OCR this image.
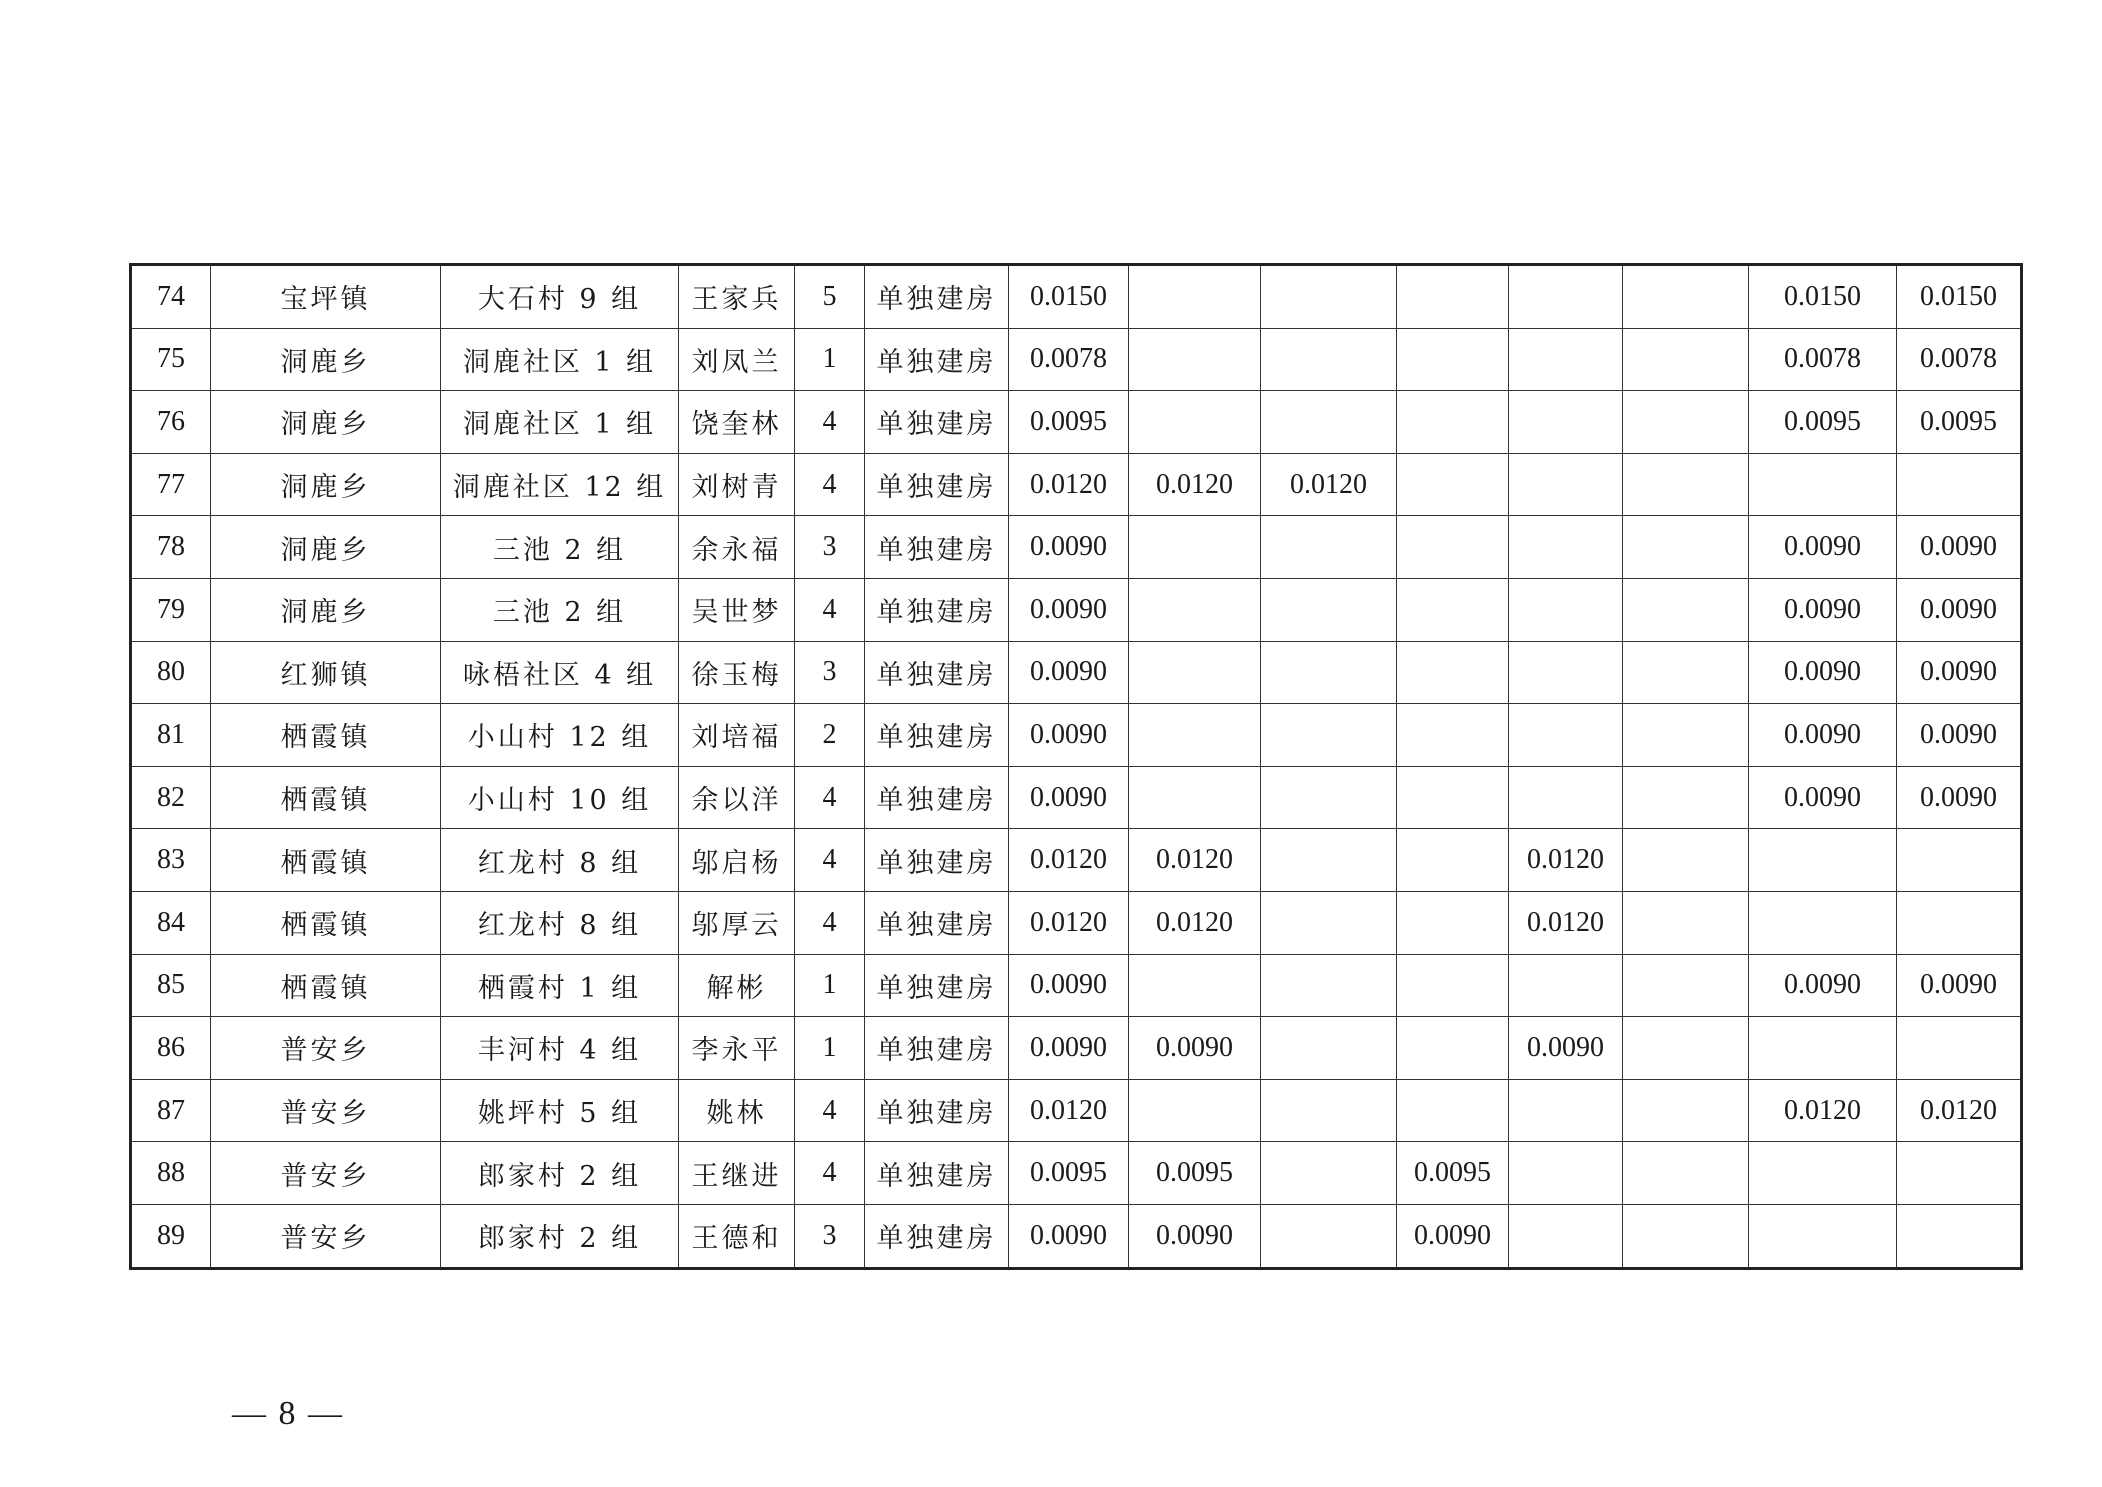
74	宝坪镇	大石村 9 组	王家兵	5	单独建房	0.0150						0.0150	0.0150
75	洞鹿乡	洞鹿社区 1 组	刘凤兰	1	单独建房	0.0078						0.0078	0.0078
76	洞鹿乡	洞鹿社区 1 组	饶奎林	4	单独建房	0.0095						0.0095	0.0095
77	洞鹿乡	洞鹿社区 12 组	刘树青	4	单独建房	0.0120	0.0120	0.0120					
78	洞鹿乡	三池 2 组	余永福	3	单独建房	0.0090						0.0090	0.0090
79	洞鹿乡	三池 2 组	吴世梦	4	单独建房	0.0090						0.0090	0.0090
80	红狮镇	咏梧社区 4 组	徐玉梅	3	单独建房	0.0090						0.0090	0.0090
81	栖霞镇	小山村 12 组	刘培福	2	单独建房	0.0090						0.0090	0.0090
82	栖霞镇	小山村 10 组	余以洋	4	单独建房	0.0090						0.0090	0.0090
83	栖霞镇	红龙村 8 组	邬启杨	4	单独建房	0.0120	0.0120			0.0120			
84	栖霞镇	红龙村 8 组	邬厚云	4	单独建房	0.0120	0.0120			0.0120			
85	栖霞镇	栖霞村 1 组	解彬	1	单独建房	0.0090						0.0090	0.0090
86	普安乡	丰河村 4 组	李永平	1	单独建房	0.0090	0.0090			0.0090			
87	普安乡	姚坪村 5 组	姚林	4	单独建房	0.0120						0.0120	0.0120
88	普安乡	郎家村 2 组	王继进	4	单独建房	0.0095	0.0095		0.0095				
89	普安乡	郎家村 2 组	王德和	3	单独建房	0.0090	0.0090		0.0090				
— 8 —
